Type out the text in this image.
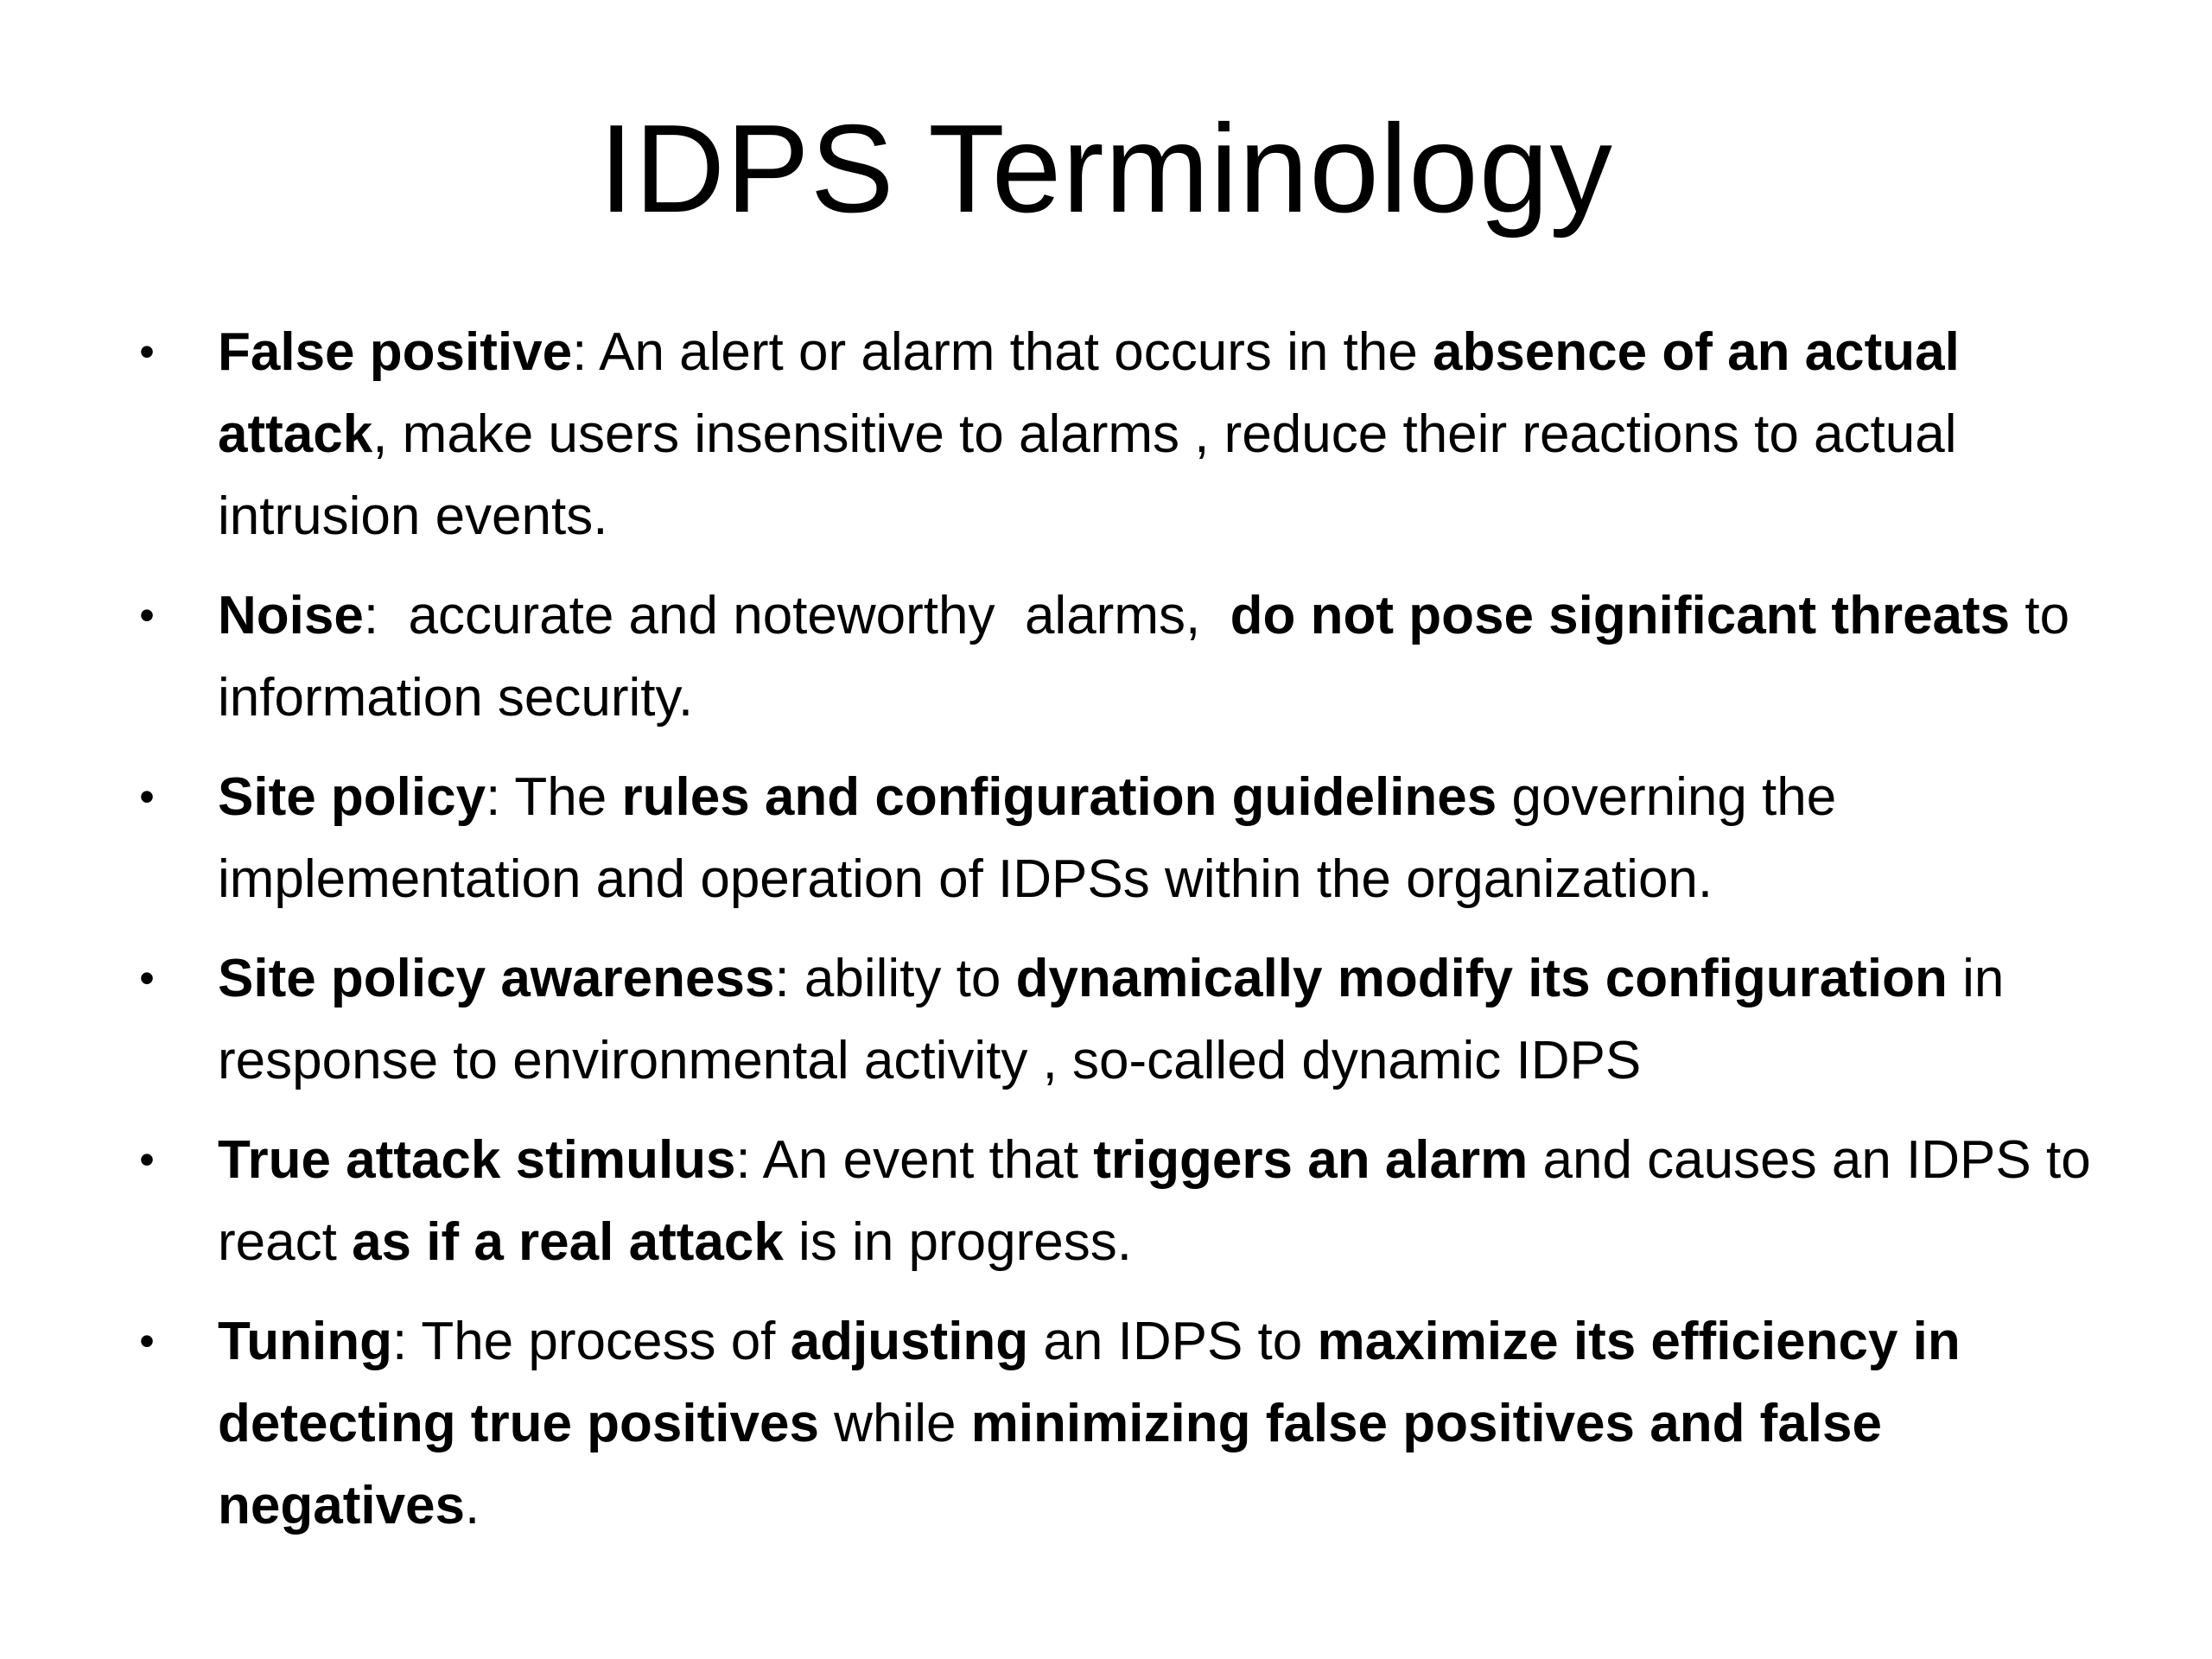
IDPS Terminology
•
False positive: An alert or alarm that occurs in the absence of an actual attack, make users insensitive to alarms , reduce their reactions to actual intrusion events.
•
Noise:  accurate and noteworthy  alarms,  do not pose significant threats to information security.
•
Site policy: The rules and configuration guidelines governing the implementation and operation of IDPSs within the organization.
•
Site policy awareness: ability to dynamically modify its configuration in response to environmental activity , so-called dynamic IDPS
•
True attack stimulus: An event that triggers an alarm and causes an IDPS to react as if a real attack is in progress.
•
Tuning: The process of adjusting an IDPS to maximize its efficiency in detecting true positives while minimizing false positives and false negatives.
